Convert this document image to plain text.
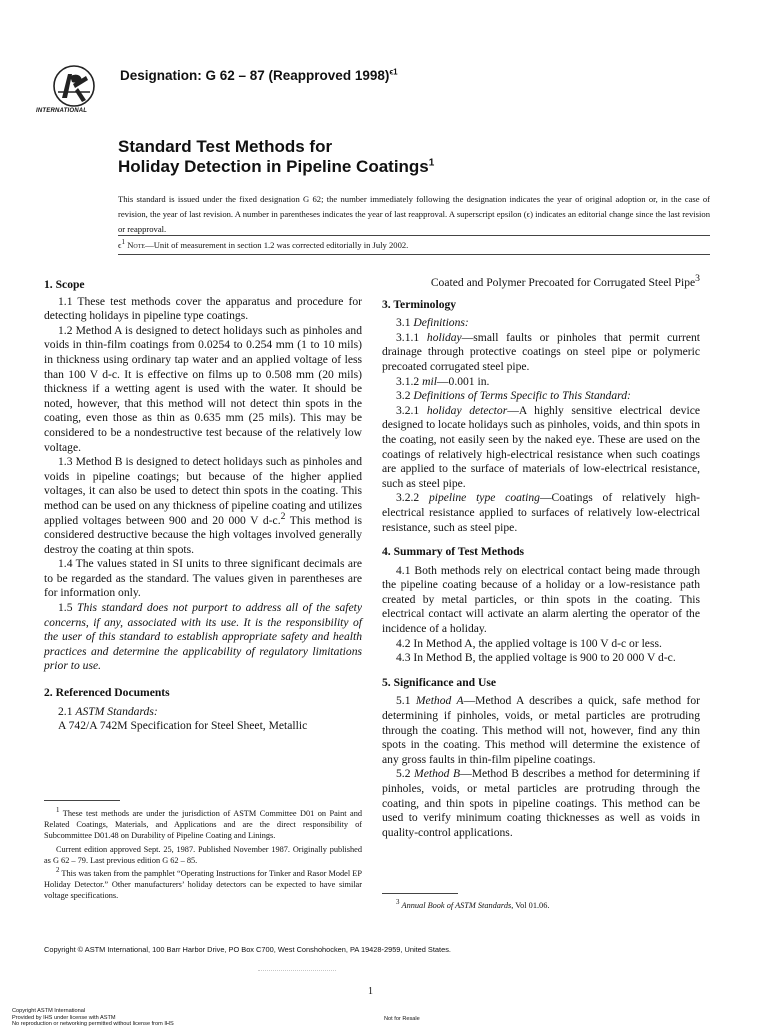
INTERNATIONAL
Designation: G 62 – 87 (Reapproved 1998)$^{\epsilon 1}$
Standard Test Methods for
Holiday Detection in Pipeline Coatings$^1$
This standard is issued under the fixed designation G 62; the number immediately following the designation indicates the year of original adoption or, in the case of revision, the year of last revision. A number in parentheses indicates the year of last reapproval. A superscript epsilon (ϵ) indicates an editorial change since the last revision or reapproval.
$\epsilon^1$ Note—Unit of measurement in section 1.2 was corrected editorially in July 2002.
1. Scope

1.1 These test methods cover the apparatus and procedure for detecting holidays in pipeline type coatings.

1.2 Method A is designed to detect holidays such as pinholes and voids in thin-film coatings from 0.0254 to 0.254 mm (1 to 10 mils) in thickness using ordinary tap water and an applied voltage of less than 100 V d-c. It is effective on films up to 0.508 mm (20 mils) thickness if a wetting agent is used with the water. It should be noted, however, that this method will not detect thin spots in the coating, even those as thin as 0.635 mm (25 mils). This may be considered to be a nondestructive test because of the relatively low voltage.

1.3 Method B is designed to detect holidays such as pinholes and voids in pipeline coatings; but because of the higher applied voltages, it can also be used to detect thin spots in the coating. This method can be used on any thickness of pipeline coating and utilizes applied voltages between 900 and 20 000 V d-c.$^2$ This method is considered destructive because the high voltages involved generally destroy the coating at thin spots.

1.4 The values stated in SI units to three significant decimals are to be regarded as the standard. The values given in parentheses are for information only.

1.5 This standard does not purport to address all of the safety concerns, if any, associated with its use. It is the responsibility of the user of this standard to establish appropriate safety and health practices and determine the applicability of regulatory limitations prior to use.

2. Referenced Documents

2.1 ASTM Standards:

A 742/A 742M Specification for Steel Sheet, Metallic

$^1$ These test methods are under the jurisdiction of ASTM Committee D01 on Paint and Related Coatings, Materials, and Applications and are the direct responsibility of Subcommittee D01.48 on Durability of Pipeline Coating and Linings.

Current edition approved Sept. 25, 1987. Published November 1987. Originally published as G 62 – 79. Last previous edition G 62 – 85.

$^2$ This was taken from the pamphlet “Operating Instructions for Tinker and Rasor Model EP Holiday Detector.” Other manufacturers’ holiday detectors can be expected to have similar voltage specifications.

Coated and Polymer Precoated for Corrugated Steel Pipe$^3$

3. Terminology

3.1 Definitions:

3.1.1 holiday—small faults or pinholes that permit current drainage through protective coatings on steel pipe or polymeric precoated corrugated steel pipe.

3.1.2 mil—0.001 in.

3.2 Definitions of Terms Specific to This Standard:

3.2.1 holiday detector—A highly sensitive electrical device designed to locate holidays such as pinholes, voids, and thin spots in the coating, not easily seen by the naked eye. These are used on the coatings of relatively high-electrical resistance when such coatings are applied to the surface of materials of low-electrical resistance, such as steel pipe.

3.2.2 pipeline type coating—Coatings of relatively high-electrical resistance applied to surfaces of relatively low-electrical resistance, such as steel pipe.

4. Summary of Test Methods

4.1 Both methods rely on electrical contact being made through the pipeline coating because of a holiday or a low-resistance path created by metal particles, or thin spots in the coating. This electrical contact will activate an alarm alerting the operator of the incidence of a holiday.

4.2 In Method A, the applied voltage is 100 V d-c or less.

4.3 In Method B, the applied voltage is 900 to 20 000 V d-c.

5. Significance and Use

5.1 Method A—Method A describes a quick, safe method for determining if pinholes, voids, or metal particles are protruding through the coating. This method will not, however, find any thin spots in the coating. This method will determine the existence of any gross faults in thin-film pipeline coatings.

5.2 Method B—Method B describes a method for determining if pinholes, voids, or metal particles are protruding through the coating, and thin spots in pipeline coatings. This method can be used to verify minimum coating thicknesses as well as voids in quality-control applications.

$^3$ Annual Book of ASTM Standards, Vol 01.06.
Copyright © ASTM International, 100 Barr Harbor Drive, PO Box C700, West Conshohocken, PA 19428-2959, United States.
1
Copyright ASTM International
Provided by IHS under license with ASTM
No reproduction or networking permitted without license from IHS
Not for Resale
